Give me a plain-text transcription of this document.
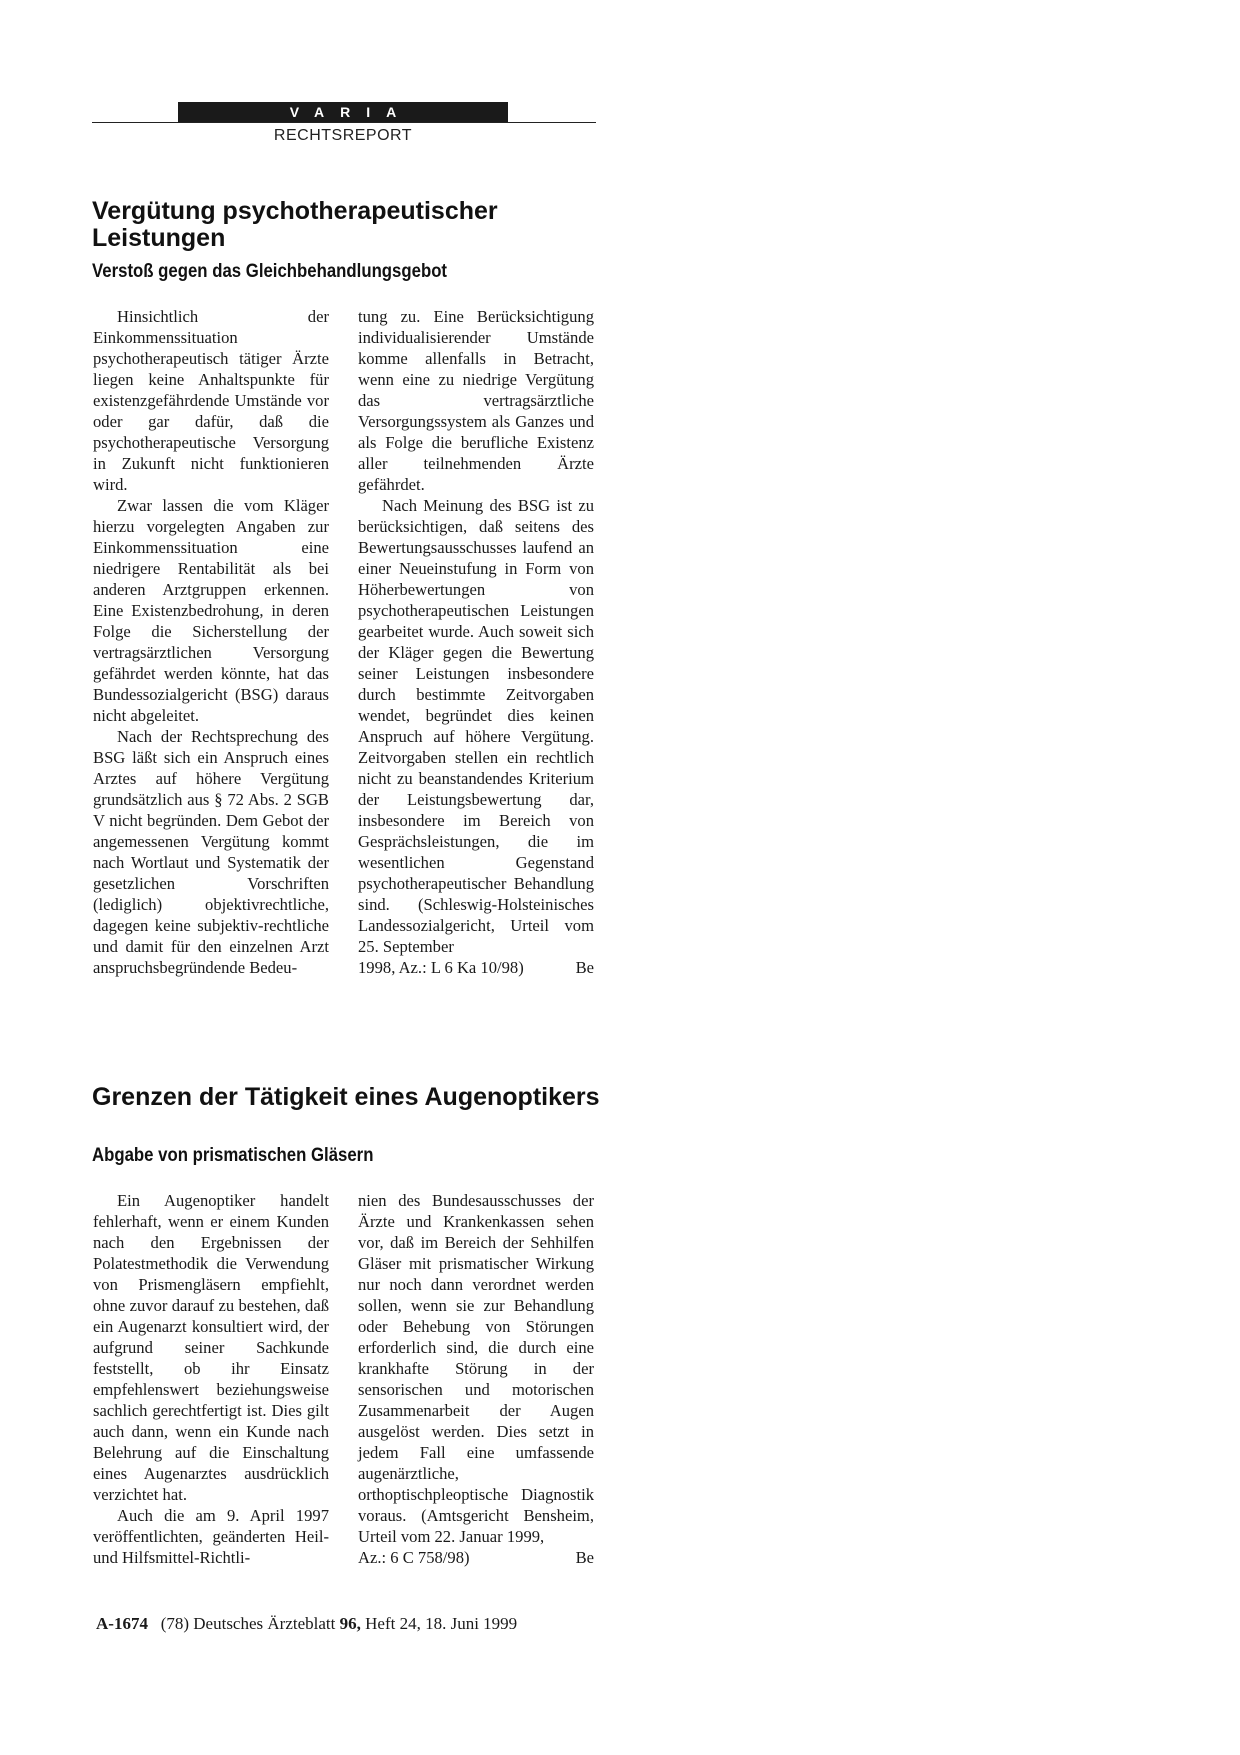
VARIA
RECHTSREPORT
Vergütung psychotherapeutischer Leistungen
Verstoß gegen das Gleichbehandlungsgebot

Hinsichtlich der Einkommenssituation psychotherapeutisch tätiger Ärzte liegen keine Anhaltspunkte für existenzgefährdende Umstände vor oder gar dafür, daß die psychotherapeutische Versorgung in Zukunft nicht funktionieren wird.

Zwar lassen die vom Kläger hierzu vorgelegten Angaben zur Einkommenssituation eine niedrigere Rentabilität als bei anderen Arztgruppen erkennen. Eine Existenzbedrohung, in deren Folge die Sicherstellung der vertragsärztlichen Versorgung gefährdet werden könnte, hat das Bundessozialgericht (BSG) daraus nicht abgeleitet.

Nach der Rechtsprechung des BSG läßt sich ein Anspruch eines Arztes auf höhere Vergütung grundsätzlich aus § 72 Abs. 2 SGB V nicht begründen. Dem Gebot der angemessenen Vergütung kommt nach Wortlaut und Systematik der gesetzlichen Vorschriften (lediglich) objektivrechtliche, dagegen keine subjektiv-rechtliche und damit für den einzelnen Arzt anspruchsbegründende Bedeu-

tung zu. Eine Berücksichtigung individualisierender Umstände komme allenfalls in Betracht, wenn eine zu niedrige Vergütung das vertragsärztliche Versorgungssystem als Ganzes und als Folge die berufliche Existenz aller teilnehmenden Ärzte gefährdet.

Nach Meinung des BSG ist zu berücksichtigen, daß seitens des Bewertungsausschusses laufend an einer Neueinstufung in Form von Höherbewertungen von psychotherapeutischen Leistungen gearbeitet wurde. Auch soweit sich der Kläger gegen die Bewertung seiner Leistungen insbesondere durch bestimmte Zeitvorgaben wendet, begründet dies keinen Anspruch auf höhere Vergütung. Zeitvorgaben stellen ein rechtlich nicht zu beanstandendes Kriterium der Leistungsbewertung dar, insbesondere im Bereich von Gesprächsleistungen, die im wesentlichen Gegenstand psychotherapeutischer Behandlung sind. (Schleswig-Holsteinisches Landessozialgericht, Urteil vom 25. September

1998, Az.: L 6 Ka 10/98)	Be
Grenzen der Tätigkeit eines Augenoptikers
Abgabe von prismatischen Gläsern

Ein Augenoptiker handelt fehlerhaft, wenn er einem Kunden nach den Ergebnissen der Polatestmethodik die Verwendung von Prismengläsern empfiehlt, ohne zuvor darauf zu bestehen, daß ein Augenarzt konsultiert wird, der aufgrund seiner Sachkunde feststellt, ob ihr Einsatz empfehlenswert beziehungsweise sachlich gerechtfertigt ist. Dies gilt auch dann, wenn ein Kunde nach Belehrung auf die Einschaltung eines Augenarztes ausdrücklich verzichtet hat.

Auch die am 9. April 1997 veröffentlichten, geänderten Heil- und Hilfsmittel-Richtli-

nien des Bundesausschusses der Ärzte und Krankenkassen sehen vor, daß im Bereich der Sehhilfen Gläser mit prismatischer Wirkung nur noch dann verordnet werden sollen, wenn sie zur Behandlung oder Behebung von Störungen erforderlich sind, die durch eine krankhafte Störung in der sensorischen und motorischen Zusammenarbeit der Augen ausgelöst werden. Dies setzt in jedem Fall eine umfassende augenärztliche, orthoptischpleoptische Diagnostik voraus. (Amtsgericht Bensheim, Urteil vom 22. Januar 1999,

Az.: 6 C 758/98)	Be
A-1674 (78) Deutsches Ärzteblatt 96, Heft 24, 18. Juni 1999
